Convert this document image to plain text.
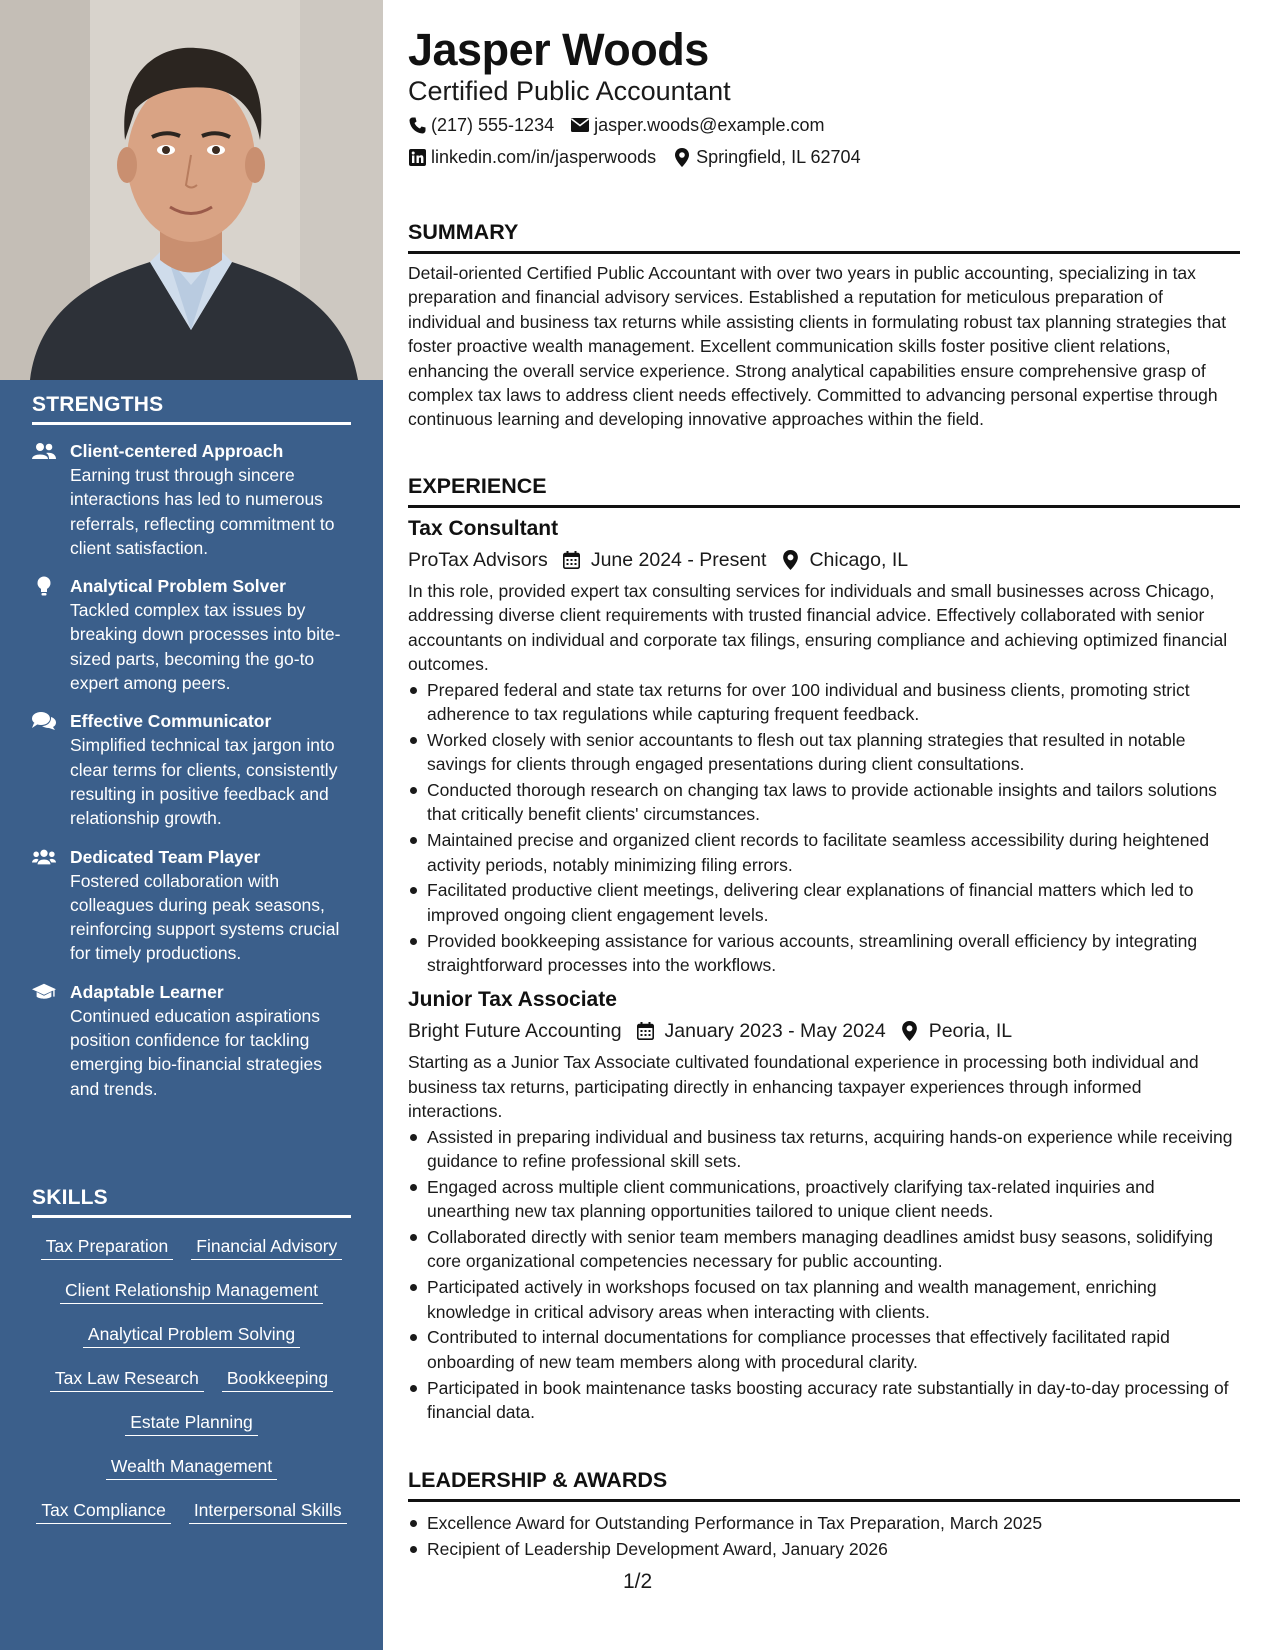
STRENGTHS
Client-centered Approach
Earning trust through sincere interactions has led to numerous referrals, reflecting commitment to client satisfaction.
Analytical Problem Solver
Tackled complex tax issues by breaking down processes into bite-sized parts, becoming the go-to expert among peers.
Effective Communicator
Simplified technical tax jargon into clear terms for clients, consistently resulting in positive feedback and relationship growth.
Dedicated Team Player
Fostered collaboration with colleagues during peak seasons, reinforcing support systems crucial for timely productions.
Adaptable Learner
Continued education aspirations position confidence for tackling emerging bio-financial strategies and trends.
SKILLS
Tax Preparation Financial Advisory
Client Relationship Management
Analytical Problem Solving
Tax Law Research Bookkeeping
Estate Planning
Wealth Management
Tax Compliance Interpersonal Skills
Jasper Woods
Certified Public Accountant
(217) 555-1234 jasper.woods@example.com
linkedin.com/in/jasperwoods Springfield, IL 62704
SUMMARY
Detail-oriented Certified Public Accountant with over two years in public accounting, specializing in tax preparation and financial advisory services. Established a reputation for meticulous preparation of individual and business tax returns while assisting clients in formulating robust tax planning strategies that foster proactive wealth management. Excellent communication skills foster positive client relations, enhancing the overall service experience. Strong analytical capabilities ensure comprehensive grasp of complex tax laws to address client needs effectively. Committed to advancing personal expertise through continuous learning and developing innovative approaches within the field.
EXPERIENCE
Tax Consultant
ProTax Advisors June 2024 - Present Chicago, IL
In this role, provided expert tax consulting services for individuals and small businesses across Chicago, addressing diverse client requirements with trusted financial advice. Effectively collaborated with senior accountants on individual and corporate tax filings, ensuring compliance and achieving optimized financial outcomes.
Prepared federal and state tax returns for over 100 individual and business clients, promoting strict adherence to tax regulations while capturing frequent feedback.
Worked closely with senior accountants to flesh out tax planning strategies that resulted in notable savings for clients through engaged presentations during client consultations.
Conducted thorough research on changing tax laws to provide actionable insights and tailors solutions that critically benefit clients' circumstances.
Maintained precise and organized client records to facilitate seamless accessibility during heightened activity periods, notably minimizing filing errors.
Facilitated productive client meetings, delivering clear explanations of financial matters which led to improved ongoing client engagement levels.
Provided bookkeeping assistance for various accounts, streamlining overall efficiency by integrating straightforward processes into the workflows.
Junior Tax Associate
Bright Future Accounting January 2023 - May 2024 Peoria, IL
Starting as a Junior Tax Associate cultivated foundational experience in processing both individual and business tax returns, participating directly in enhancing taxpayer experiences through informed interactions.
Assisted in preparing individual and business tax returns, acquiring hands-on experience while receiving guidance to refine professional skill sets.
Engaged across multiple client communications, proactively clarifying tax-related inquiries and unearthing new tax planning opportunities tailored to unique client needs.
Collaborated directly with senior team members managing deadlines amidst busy seasons, solidifying core organizational competencies necessary for public accounting.
Participated actively in workshops focused on tax planning and wealth management, enriching knowledge in critical advisory areas when interacting with clients.
Contributed to internal documentations for compliance processes that effectively facilitated rapid onboarding of new team members along with procedural clarity.
Participated in book maintenance tasks boosting accuracy rate substantially in day-to-day processing of financial data.
LEADERSHIP & AWARDS
Excellence Award for Outstanding Performance in Tax Preparation, March 2025
Recipient of Leadership Development Award, January 2026
1/2
